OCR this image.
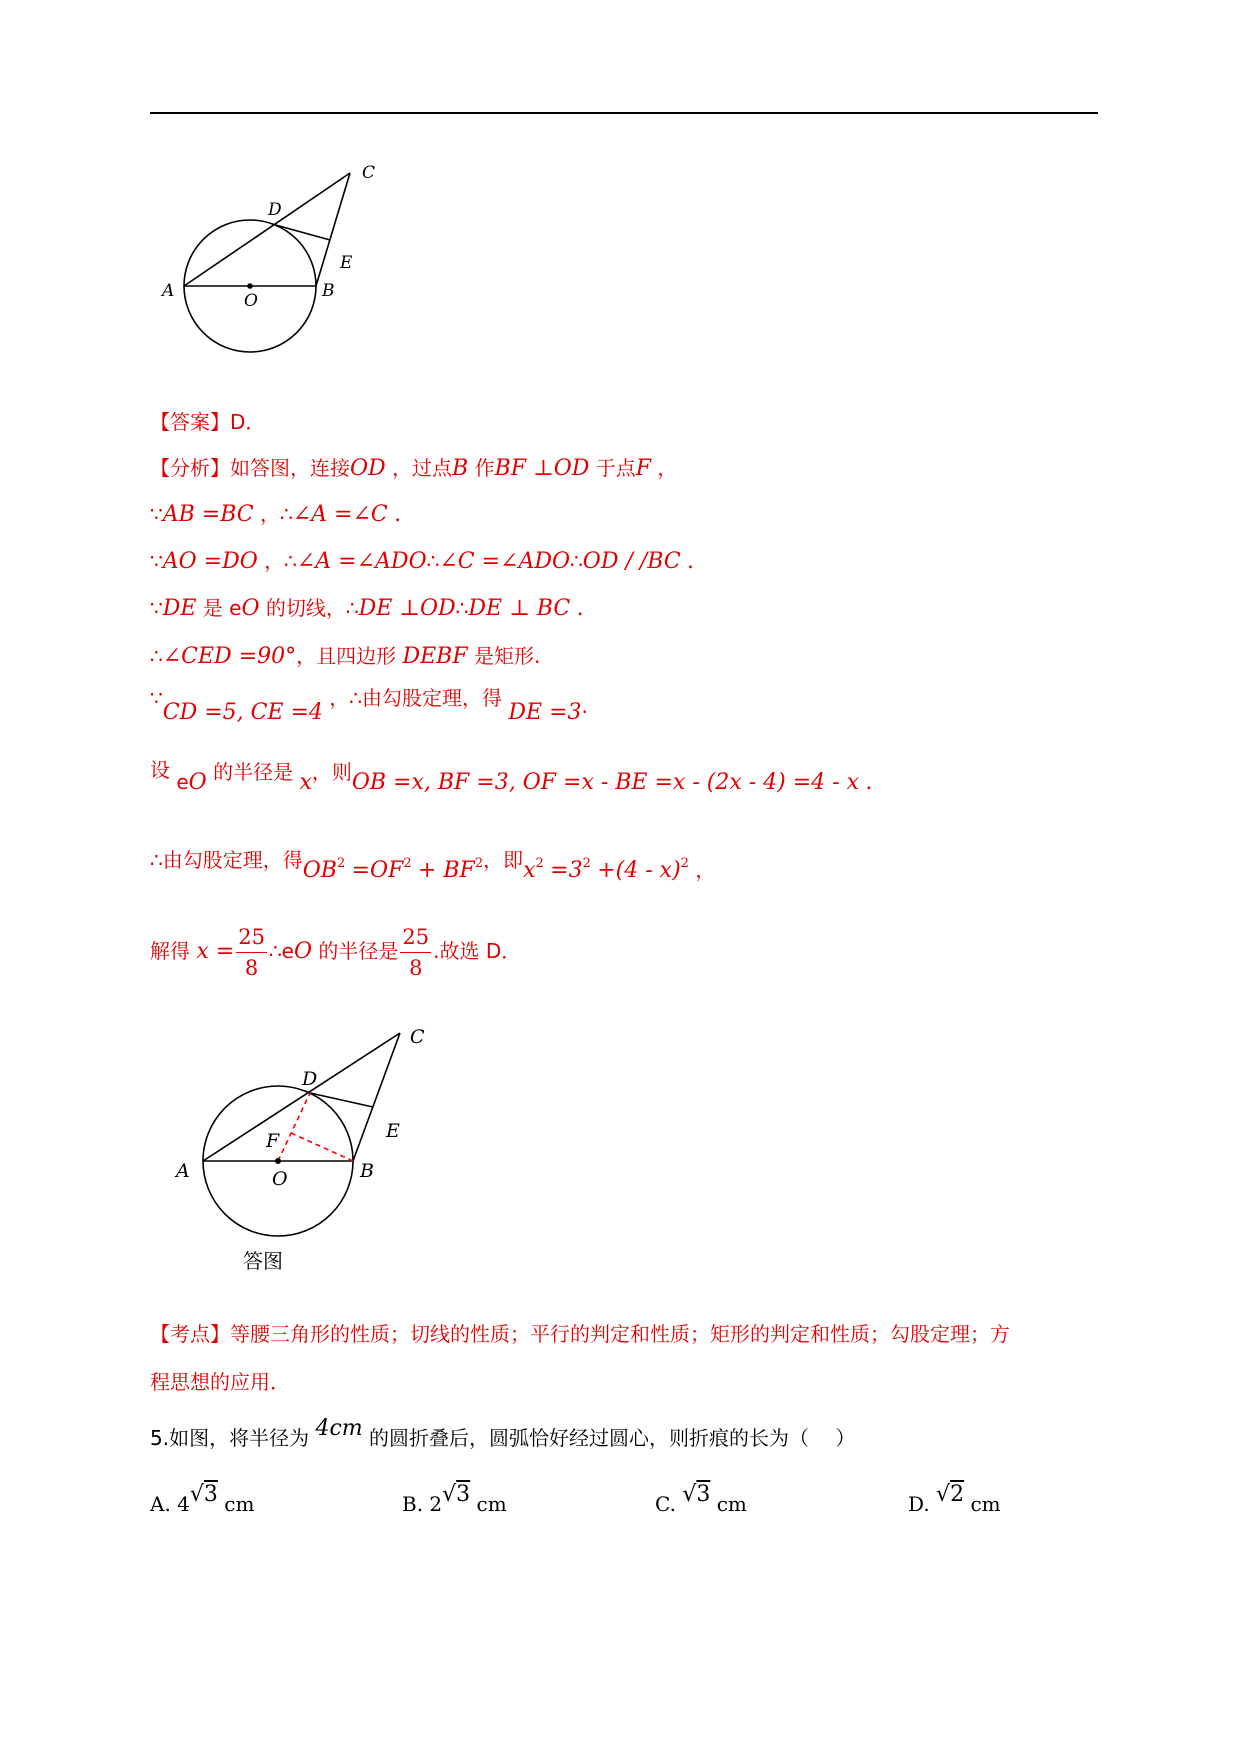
C
D
E
A	O	B
【答案】D．
【分析】如答图，连接OD ，过点B 作BF ⊥OD 于点F ，
∵AB =BC ，∴∠A =∠C .
∵AO =DO ，∴∠A =∠ADO∴∠C =∠ADO∴OD / /BC .
∵DE 是 eO 的切线，∴DE ⊥OD∴DE ⊥ BC .
∴∠CED =90°，且四边形 DEBF 是矩形.
∵CD =5, CE =4 ，∴由勾股定理，得 DE =3.
设 eO 的半径是 x，则OB =x, BF =3, OF =x - BE =x - (2x - 4) =4 - x .
∴由勾股定理，得$OB^2 =OF^2 + BF^2$，即$x^2 =3^2 +(4 - x)^2$ ，
解得 $x = \frac{25}{8}$ ∴eO 的半径是 $\frac{25}{8}$ .故选 D．
C
D
E
F
A	O	B
答图
【考点】等腰三角形的性质；切线的性质；平行的判定和性质；矩形的判定和性质；勾股定理；方
程思想的应用．
5.如图，将半径为 4cm 的圆折叠后，圆弧恰好经过圆心，则折痕的长为（　 ）
A. 4√3 cm	B. 2√3 cm	C. √3 cm	D. √2 cm
